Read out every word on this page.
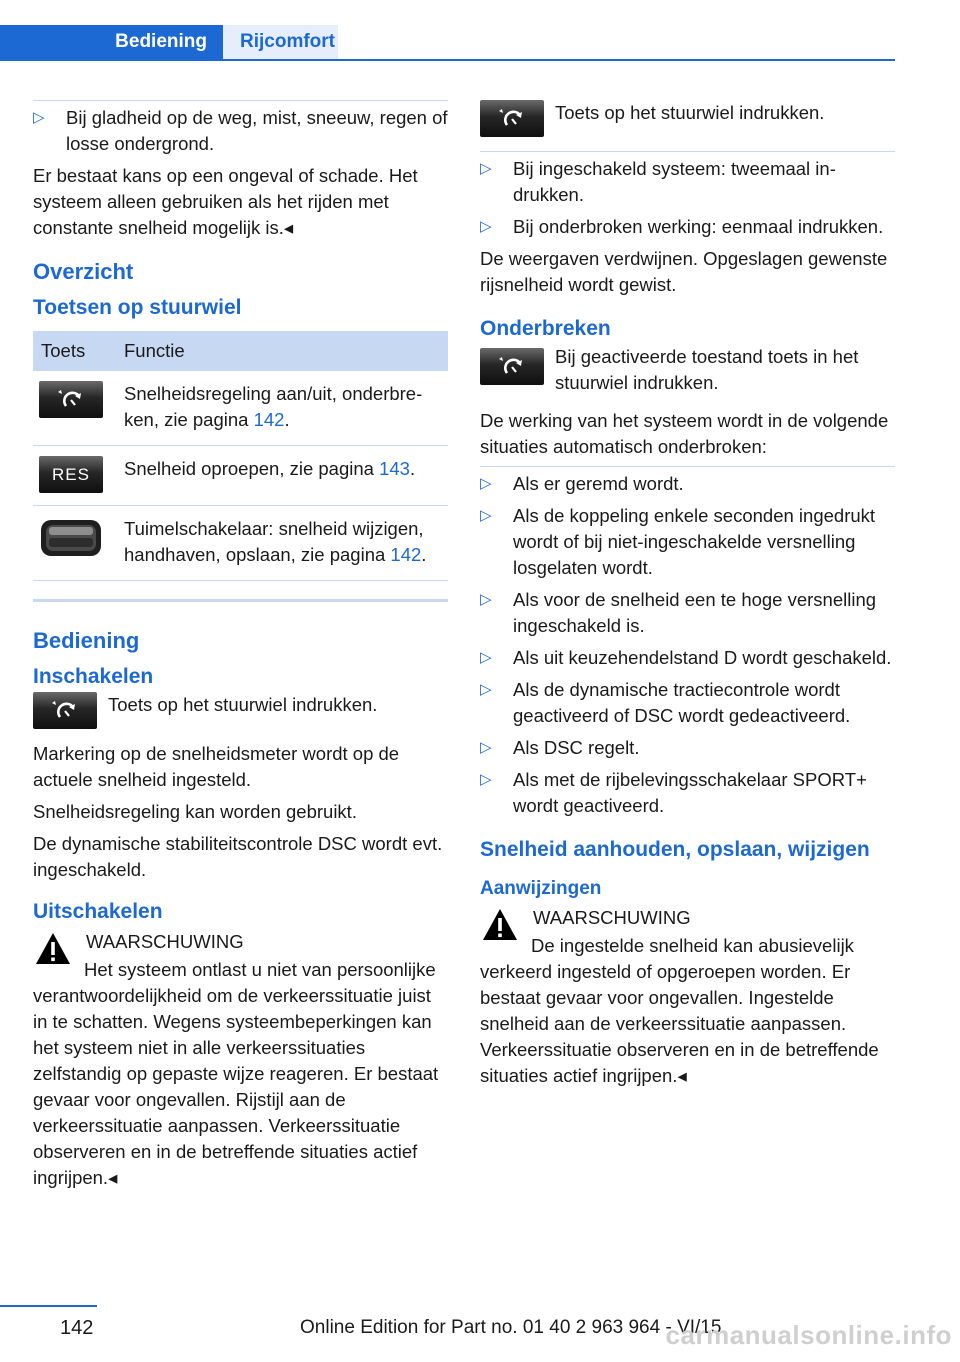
Bediening	Rijcomfort
▷ Bij gladheid op de weg, mist, sneeuw, regen of losse ondergrond.

Er bestaat kans op een ongeval of schade. Het systeem alleen gebruiken als het rijden met constante snelheid mogelijk is.◂

Overzicht
Toetsen op stuurwiel
Toets	Functie

	Snelheidsregeling aan/uit, onderbreken, zie pagina 142.

RES	Snelheid oproepen, zie pagina 143.

	Tuimelschakelaar: snelheid wijzigen, handhaven, opslaan, zie pagina 142.
Bediening
Inschakelen
Toets op het stuurwiel indrukken.

Markering op de snelheidsmeter wordt op de actuele snelheid ingesteld.

Snelheidsregeling kan worden gebruikt.

De dynamische stabiliteitscontrole DSC wordt evt. ingeschakeld.

Uitschakelen
WAARSCHUWING
Het systeem ontlast u niet van persoonlijke verantwoordelijkheid om de verkeerssituatie juist in te schatten. Wegens systeembeperkingen kan het systeem niet in alle verkeerssituaties zelfstandig op gepaste wijze reageren. Er bestaat gevaar voor ongevallen. Rijstijl aan de verkeerssituatie aanpassen. Verkeerssituatie observeren en in de betreffende situaties actief ingrijpen.◂
Toets op het stuurwiel indrukken.
▷ Bij ingeschakeld systeem: tweemaal indrukken.
▷ Bij onderbroken werking: eenmaal indrukken.

De weergaven verdwijnen. Opgeslagen gewenste rijsnelheid wordt gewist.

Onderbreken
Bij geactiveerde toestand toets in het stuurwiel indrukken.

De werking van het systeem wordt in de volgende situaties automatisch onderbroken:

▷ Als er geremd wordt.
▷ Als de koppeling enkele seconden ingedrukt wordt of bij niet-ingeschakelde versnelling losgelaten wordt.
▷ Als voor de snelheid een te hoge versnelling ingeschakeld is.
▷ Als uit keuzehendelstand D wordt geschakeld.
▷ Als de dynamische tractiecontrole wordt geactiveerd of DSC wordt gedeactiveerd.
▷ Als DSC regelt.
▷ Als met de rijbelevingsschakelaar SPORT+ wordt geactiveerd.
Snelheid aanhouden, opslaan, wijzigen
Aanwijzingen
WAARSCHUWING
De ingestelde snelheid kan abusievelijk verkeerd ingesteld of opgeroepen worden. Er bestaat gevaar voor ongevallen. Ingestelde snelheid aan de verkeerssituatie aanpassen. Verkeerssituatie observeren en in de betreffende situaties actief ingrijpen.◂
142	Online Edition for Part no. 01 40 2 963 964 - VI/15
carmanualsonline.info
